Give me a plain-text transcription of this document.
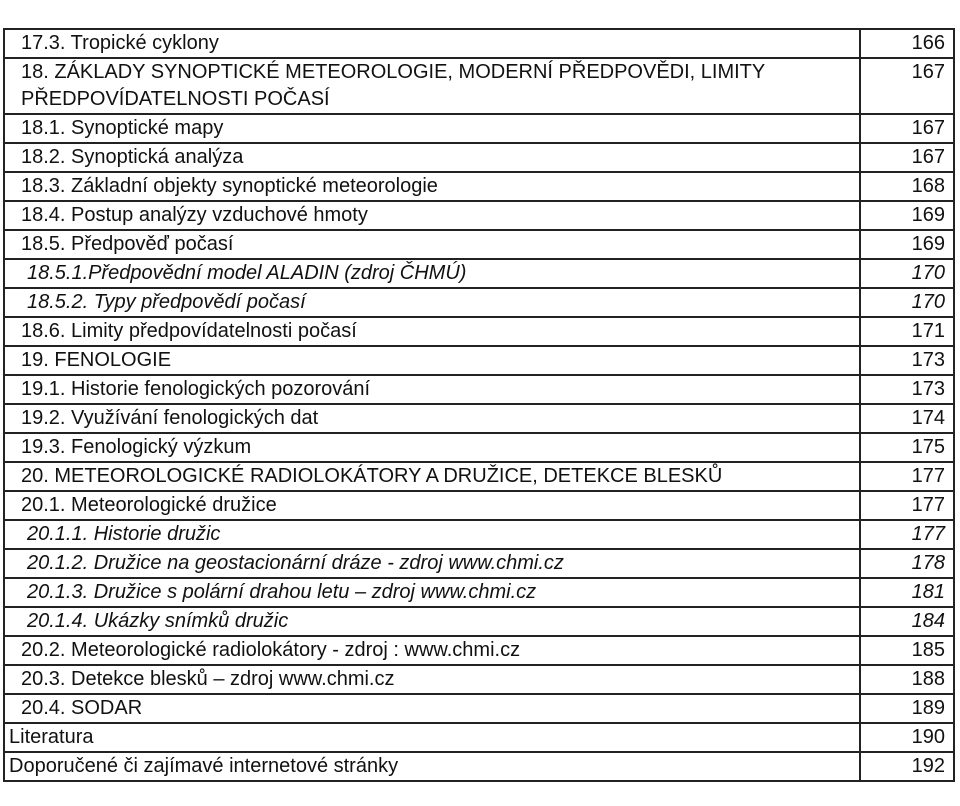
17.3. Tropické cyklony	166
18. ZÁKLADY SYNOPTICKÉ METEOROLOGIE, MODERNÍ PŘEDPOVĚDI, LIMITY PŘEDPOVÍDATELNOSTI POČASÍ	167
18.1. Synoptické mapy	167
18.2. Synoptická analýza	167
18.3. Základní objekty synoptické meteorologie	168
18.4. Postup analýzy vzduchové hmoty	169
18.5. Předpověď počasí	169
18.5.1.Předpovědní model ALADIN (zdroj ČHMÚ)	170
18.5.2. Typy předpovědí počasí	170
18.6. Limity předpovídatelnosti počasí	171
19. FENOLOGIE	173
19.1. Historie fenologických pozorování	173
19.2. Využívání fenologických dat	174
19.3. Fenologický výzkum	175
20. METEOROLOGICKÉ RADIOLOKÁTORY A DRUŽICE, DETEKCE BLESKŮ	177
20.1. Meteorologické družice	177
20.1.1. Historie družic	177
20.1.2. Družice na geostacionární dráze - zdroj www.chmi.cz	178
20.1.3. Družice s polární drahou letu – zdroj www.chmi.cz	181
20.1.4. Ukázky snímků družic	184
20.2. Meteorologické radiolokátory - zdroj : www.chmi.cz	185
20.3. Detekce blesků – zdroj www.chmi.cz	188
20.4. SODAR	189
Literatura	190
Doporučené či zajímavé internetové stránky	192
